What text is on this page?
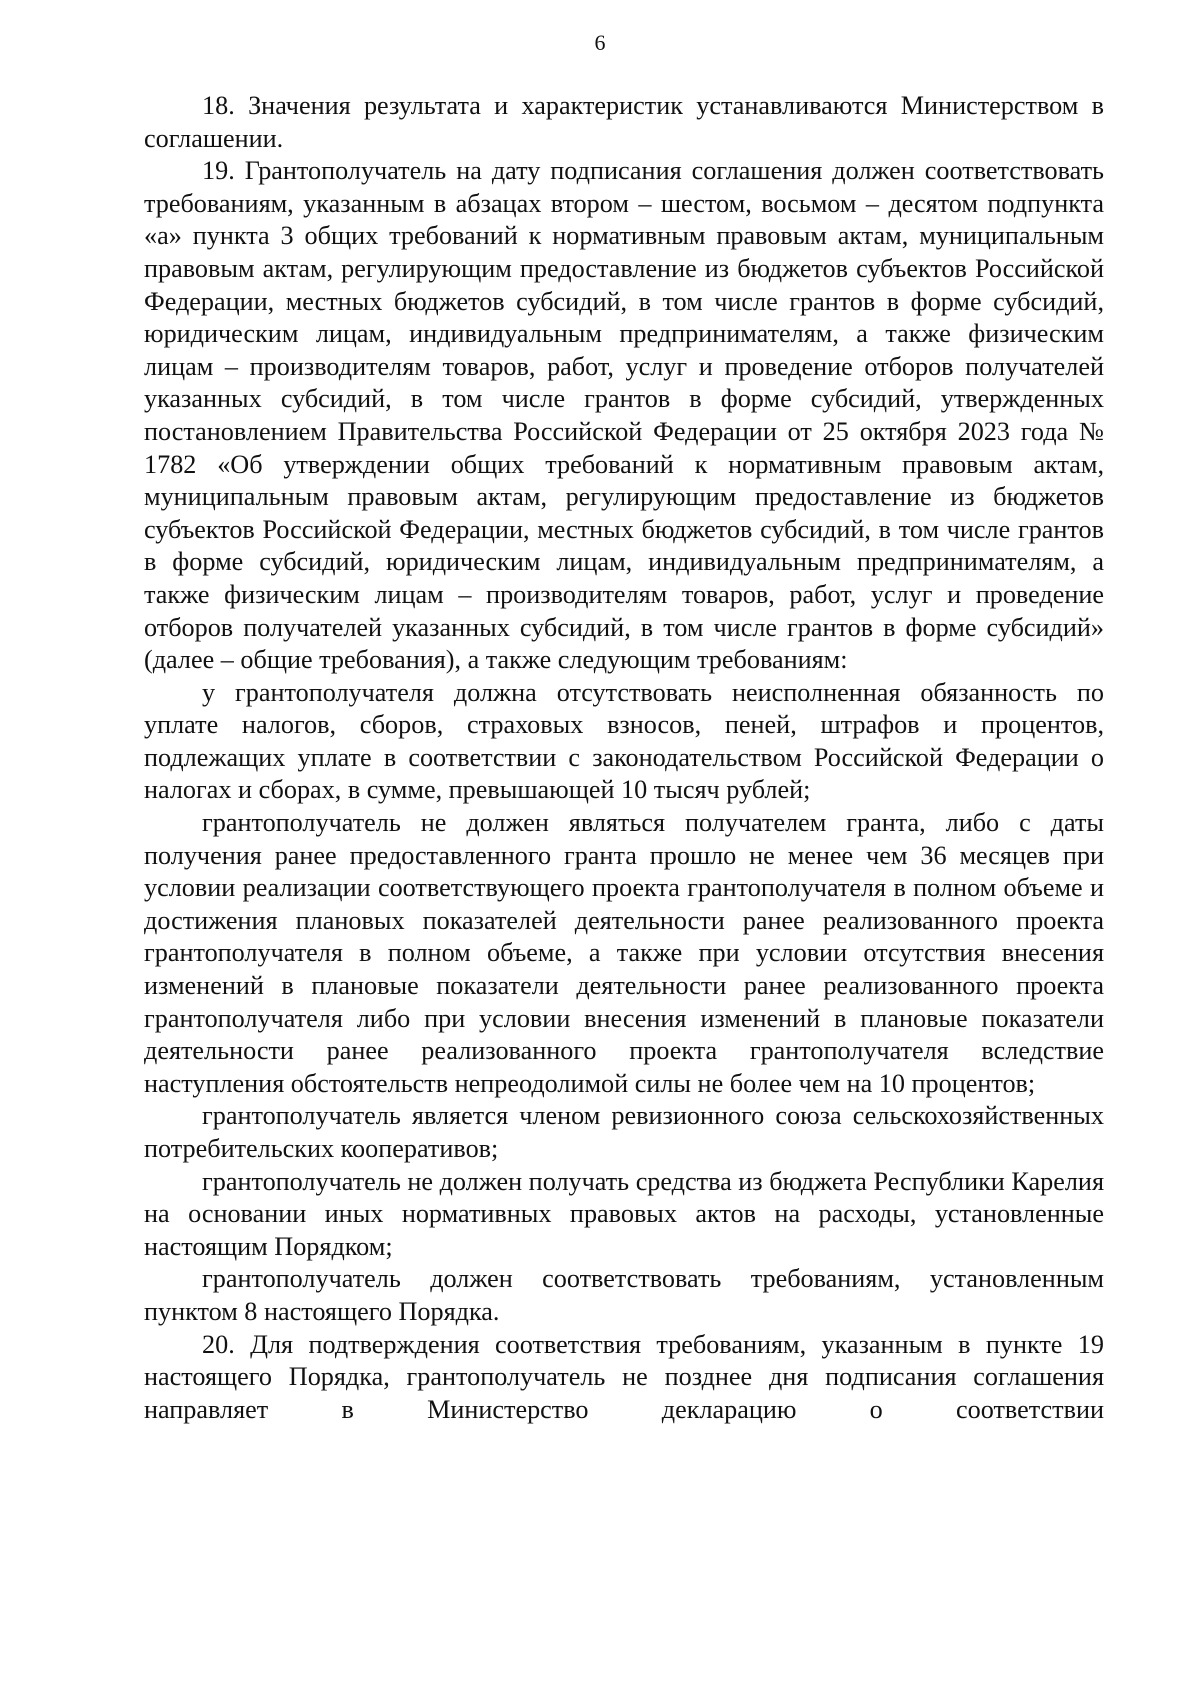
6

18. Значения результата и характеристик устанавливаются Министерством в соглашении.

19. Грантополучатель на дату подписания соглашения должен соответствовать требованиям, указанным в абзацах втором – шестом, восьмом – десятом подпункта «а» пункта 3 общих требований к нормативным правовым актам, муниципальным правовым актам, регулирующим предоставление из бюджетов субъектов Российской Федерации, местных бюджетов субсидий, в том числе грантов в форме субсидий, юридическим лицам, индивидуальным предпринимателям, а также физическим лицам – производителям товаров, работ, услуг и проведение отборов получателей указанных субсидий, в том числе грантов в форме субсидий, утвержденных постановлением Правительства Российской Федерации от 25 октября 2023 года № 1782 «Об утверждении общих требований к нормативным правовым актам, муниципальным правовым актам, регулирующим предоставление из бюджетов субъектов Российской Федерации, местных бюджетов субсидий, в том числе грантов в форме субсидий, юридическим лицам, индивидуальным предпринимателям, а также физическим лицам – производителям товаров, работ, услуг и проведение отборов получателей указанных субсидий, в том числе грантов в форме субсидий» (далее – общие требования), а также следующим требованиям:

у грантополучателя должна отсутствовать неисполненная обязанность по уплате налогов, сборов, страховых взносов, пеней, штрафов и процентов, подлежащих уплате в соответствии с законодательством Российской Федерации о налогах и сборах, в сумме, превышающей 10 тысяч рублей;

грантополучатель не должен являться получателем гранта, либо с даты получения ранее предоставленного гранта прошло не менее чем 36 месяцев при условии реализации соответствующего проекта грантополучателя в полном объеме и достижения плановых показателей деятельности ранее реализованного проекта грантополучателя в полном объеме, а также при условии отсутствия внесения изменений в плановые показатели деятельности ранее реализованного проекта грантополучателя либо при условии внесения изменений в плановые показатели деятельности ранее реализованного проекта грантополучателя вследствие наступления обстоятельств непреодолимой силы не более чем на 10 процентов;

грантополучатель является членом ревизионного союза сельскохозяйственных потребительских кооперативов;

грантополучатель не должен получать средства из бюджета Республики Карелия на основании иных нормативных правовых актов на расходы, установленные настоящим Порядком;

грантополучатель должен соответствовать требованиям, установленным пунктом 8 настоящего Порядка.

20. Для подтверждения соответствия требованиям, указанным в пункте 19 настоящего Порядка, грантополучатель не позднее дня подписания соглашения направляет в Министерство декларацию о соответствии
